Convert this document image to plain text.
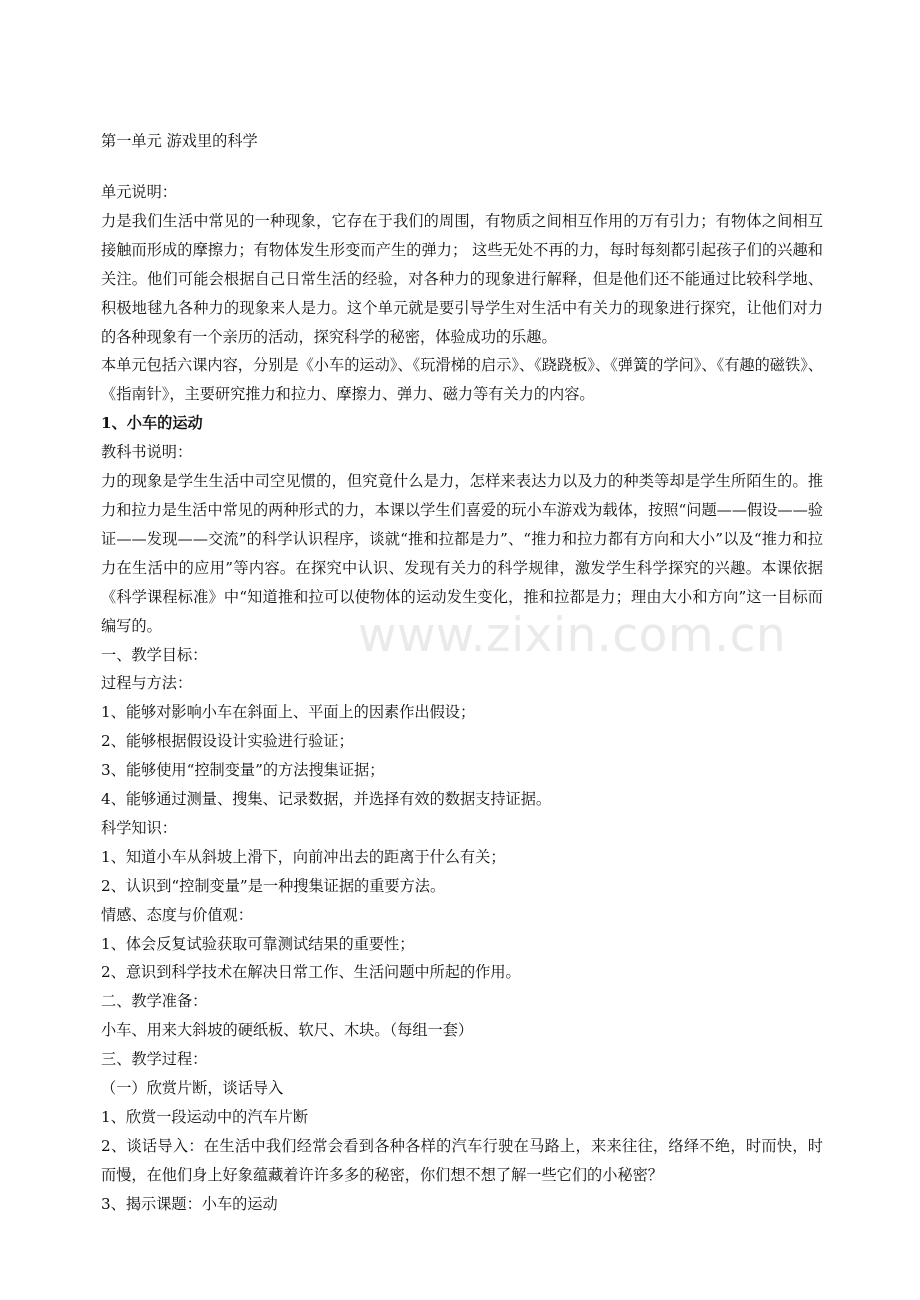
第一单元 游戏里的科学

单元说明：

力是我们生活中常见的一种现象，它存在于我们的周围，有物质之间相互作用的万有引力；有物体之间相互接触而形成的摩擦力；有物体发生形变而产生的弹力； 这些无处不再的力，每时每刻都引起孩子们的兴趣和关注。他们可能会根据自己日常生活的经验，对各种力的现象进行解释，但是他们还不能通过比较科学地、积极地毬九各种力的现象来人是力。这个单元就是要引导学生对生活中有关力的现象进行探究，让他们对力的各种现象有一个亲历的活动，探究科学的秘密，体验成功的乐趣。

本单元包括六课内容，分别是《小车的运动》、《玩滑梯的启示》、《跷跷板》、《弹簧的学问》、《有趣的磁铁》、《指南针》，主要研究推力和拉力、摩擦力、弹力、磁力等有关力的内容。

1、小车的运动

教科书说明：

力的现象是学生生活中司空见惯的，但究竟什么是力，怎样来表达力以及力的种类等却是学生所陌生的。推力和拉力是生活中常见的两种形式的力，本课以学生们喜爱的玩小车游戏为载体，按照“问题——假设——验证——发现——交流”的科学认识程序，谈就“推和拉都是力”、“推力和拉力都有方向和大小”以及“推力和拉力在生活中的应用”等内容。在探究中认识、发现有关力的科学规律，激发学生科学探究的兴趣。本课依据《科学课程标准》中“知道推和拉可以使物体的运动发生变化，推和拉都是力；理由大小和方向”这一目标而编写的。

一、教学目标：

过程与方法：

1、能够对影响小车在斜面上、平面上的因素作出假设；

2、能够根据假设设计实验进行验证；

3、能够使用“控制变量”的方法搜集证据；

4、能够通过测量、搜集、记录数据，并选择有效的数据支持证据。

科学知识：

1、知道小车从斜坡上滑下，向前冲出去的距离于什么有关；

2、认识到“控制变量”是一种搜集证据的重要方法。

情感、态度与价值观：

1、体会反复试验获取可靠测试结果的重要性；

2、意识到科学技术在解决日常工作、生活问题中所起的作用。

二、教学准备：

小车、用来大斜坡的硬纸板、软尺、木块。（每组一套）

三、教学过程：

（一）欣赏片断，谈话导入

1、欣赏一段运动中的汽车片断

2、谈话导入：在生活中我们经常会看到各种各样的汽车行驶在马路上，来来往往，络绎不绝，时而快，时而慢，在他们身上好象蕴藏着许许多多的秘密，你们想不想了解一些它们的小秘密？

3、揭示课题：小车的运动

www.zixin.com.cn
